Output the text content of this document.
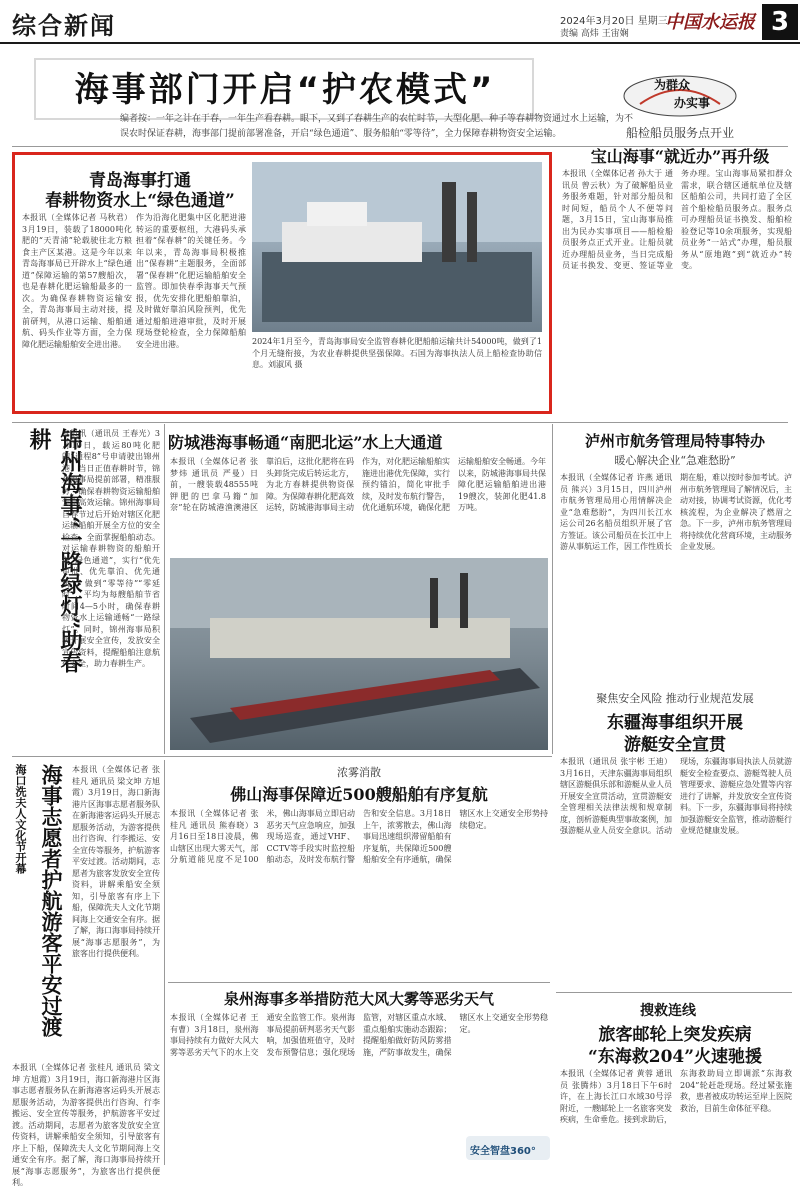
综合新闻	2024年3月20日 星期三
责编 高炜 王宙娴
中国水运报 3
海事部门开启“护农模式”	为群众
办实事
编者按：一年之计在于春，一年生产看春耕。眼下，又到了春耕生产的农忙时节，大型化肥、种子等春耕物资通过水上运输，为不误农时保证春耕，海事部门提前部署准备，开启“绿色通道”、服务船舶“零等待”，全力保障春耕物资安全运输。
青岛海事打通
春耕物资水上“绿色通道”
本报讯（全媒体记者 马秋君）3月19日，装载了18000吨化肥的“天青浦”轮载驶往北方粮食主产区某港。这是今年以来青岛海事局已开辟水上“绿色通道”保障运输的第57艘船次，也是春耕化肥运输船最多的一次。为确保春耕物资运输安全，青岛海事局主动对接，提前研判，从港口运输、船舶通航、码头作业等方面，全力保障化肥运输船舶安全进出港。
作为沿海化肥集中区化肥进港转运的重要枢纽，大港码头承担着“保春耕”的关键任务。今年以来，青岛海事局积极推出“保春耕”主题服务，全面部署“保春耕”化肥运输船舶安全监管。即加快春季海事天气预报，优先安排化肥船舶靠泊，及时做好靠泊风险预判，优先通过船舶进港审批，及时开展现场登轮检查，全力保障船舶安全进出港。	2024年1月至今，青岛海事局安全监管春耕化肥船舶运输共计54000吨，做到了1个月无缝衔接，为农业春耕提供坚强保障。石国为海事执法人员上船检查协助信息。刘淑风 摄
船检船员服务点开业
宝山海事“就近办”再升级
本报讯（全媒体记者 孙大于 通讯员 曾云秋）为了破解船员业务服务难题，针对部分船员和时间短，船员个人不便等问题，3月15日，宝山海事局推出为民办实事项目——船检船员服务点正式开业。让船员就近办理船员业务，当日完成船员证书换发、变更、签证等业务办理。宝山海事局紧扣群众需求，联合辖区通航单位及辖区船舶公司，共同打造了全区首个船检船员服务点。服务点可办理船员证书换发、船舶检验登记等10余项服务，实现船员业务“一站式”办理，船员服务从“原地跑”到“就近办”转变。
锦州海事“一路绿灯”助春耕	本报讯（通讯员 王春光）3月19日，载运80吨化肥的“通程8”号申请驶出锦州港，当日正值春耕时节，锦州海事局提前部署，精准服务，确保春耕物资运输船舶安全高效运输。锦州海事局自春节过后开始对辖区化肥运输船舶开展全方位的安全检查，全面掌握船舶动态。对运输春耕物资的船舶开辟“绿色通道”，实行“优先审批、优先靠泊、优先通航”，做到“零等待”“零延时”，平均为每艘船舶节省时间4—5小时，确保春耕物资水上运输通畅“一路绿灯”。同时，锦州海事局积极开展安全宣传，发放安全宣传资料，提醒船舶注意航行安全，助力春耕生产。
防城港海事畅通“南肥北运”水上大通道
本报讯（全媒体记者 张梦炜 通讯员 严曼）日前，一艘装载48555吨钾肥的巴拿马籍“加奈”轮在防城港渔澳港区靠泊后，这批化肥将在码头卸货完成后转运北方，为北方春耕提供物资保障。为保障春耕化肥高效运转，防城港海事局主动作为，对化肥运输船舶实施进出港优先保障，实行预约锚泊，简化审批手续，及时发布航行警告，优化通航环境，确保化肥运输船舶安全畅通。今年以来，防城港海事局共保障化肥运输船舶进出港19艘次，装卸化肥41.8万吨。
泸州市航务管理局特事特办
暖心解决企业“急难愁盼”
本报讯（全媒体记者 许燕 通讯员 熊兴）3月15日，四川泸州市航务管理局用心用情解决企业“急难愁盼”，为四川长江水运公司26名船员组织开展了官方签证。该公司船员在长江中上游从事航运工作，因工作性质长期在船，难以按时参加考试。泸州市航务管理局了解情况后，主动对接，协调考试资源，优化考核流程，为企业解决了燃眉之急。下一步，泸州市航务管理局将持续优化营商环境，主动服务企业发展。
聚焦安全风险 推动行业规范发展
东疆海事组织开展
游艇安全宣贯
本报讯（通讯员 张宇彬 王迪）3月16日，天津东疆海事局组织辖区游艇俱乐部和游艇从业人员开展安全宣贯活动，宣贯游艇安全管理相关法律法规和规章制度，剖析游艇典型事故案例，加强游艇从业人员安全意识。活动现场，东疆海事局执法人员就游艇安全检查要点、游艇驾驶人员管理要求、游艇应急处置等内容进行了讲解，并发放安全宣传资料。下一步，东疆海事局将持续加强游艇安全监管，推动游艇行业规范健康发展。
海口洗夫人文化节开幕 海事志愿者护航游客平安过渡 本报讯（全媒体记者 张桂凡 通讯员 梁文坤 方旭霞）3月19日，海口新海港片区海事志愿者服务队在新海港客运码头开展志愿服务活动，为游客提供出行咨询、行李搬运、安全宣传等服务，护航游客平安过渡。活动期间，志愿者为旅客发放安全宣传资料，讲解乘船安全须知，引导旅客有序上下船，保障洗夫人文化节期间海上交通安全有序。据了解，海口海事局持续开展“海事志愿服务”，为旅客出行提供便利。
本报讯（全媒体记者 张桂凡 通讯员 梁文坤 方旭霞）3月19日，海口新海港片区海事志愿者服务队在新海港客运码头开展志愿服务活动，为游客提供出行咨询、行李搬运、安全宣传等服务，护航游客平安过渡。活动期间，志愿者为旅客发放安全宣传资料，讲解乘船安全须知，引导旅客有序上下船，保障洗夫人文化节期间海上交通安全有序。据了解，海口海事局持续开展“海事志愿服务”，为旅客出行提供便利。
浓雾消散
佛山海事保障近500艘船舶有序复航
本报讯（全媒体记者 张桂凡 通讯员 熊春晓）3月16日至18日凌晨，佛山辖区出现大雾天气，部分航道能见度不足100米，佛山海事局立即启动恶劣天气应急响应，加强现场巡查，通过VHF、CCTV等手段实时监控船舶动态，及时发布航行警告和安全信息。3月18日上午，浓雾散去，佛山海事局迅速组织滞留船舶有序复航，共保障近500艘船舶安全有序通航，确保辖区水上交通安全形势持续稳定。
泉州海事多举措防范大风大雾等恶劣天气
本报讯（全媒体记者 王有曹）3月18日，泉州海事局持续有力做好大风大雾等恶劣天气下的水上交通安全监管工作。泉州海事局提前研判恶劣天气影响，加强值班值守，及时发布预警信息；强化现场监管，对辖区重点水域、重点船舶实施动态跟踪；提醒船舶做好防风防雾措施，严防事故发生，确保辖区水上交通安全形势稳定。
安全智盘360°
搜救连线
旅客邮轮上突发疾病
“东海救204”火速驰援
本报讯（全媒体记者 黄蓉 通讯员 张腾炜）3月18日下午6时许，在上海长江口水域30号浮附近，一艘邮轮上一名旅客突发疾病，生命垂危。接到求助后，东海救助局立即调派“东海救204”轮赶赴现场。经过紧张施救，患者被成功转运至岸上医院救治，目前生命体征平稳。
